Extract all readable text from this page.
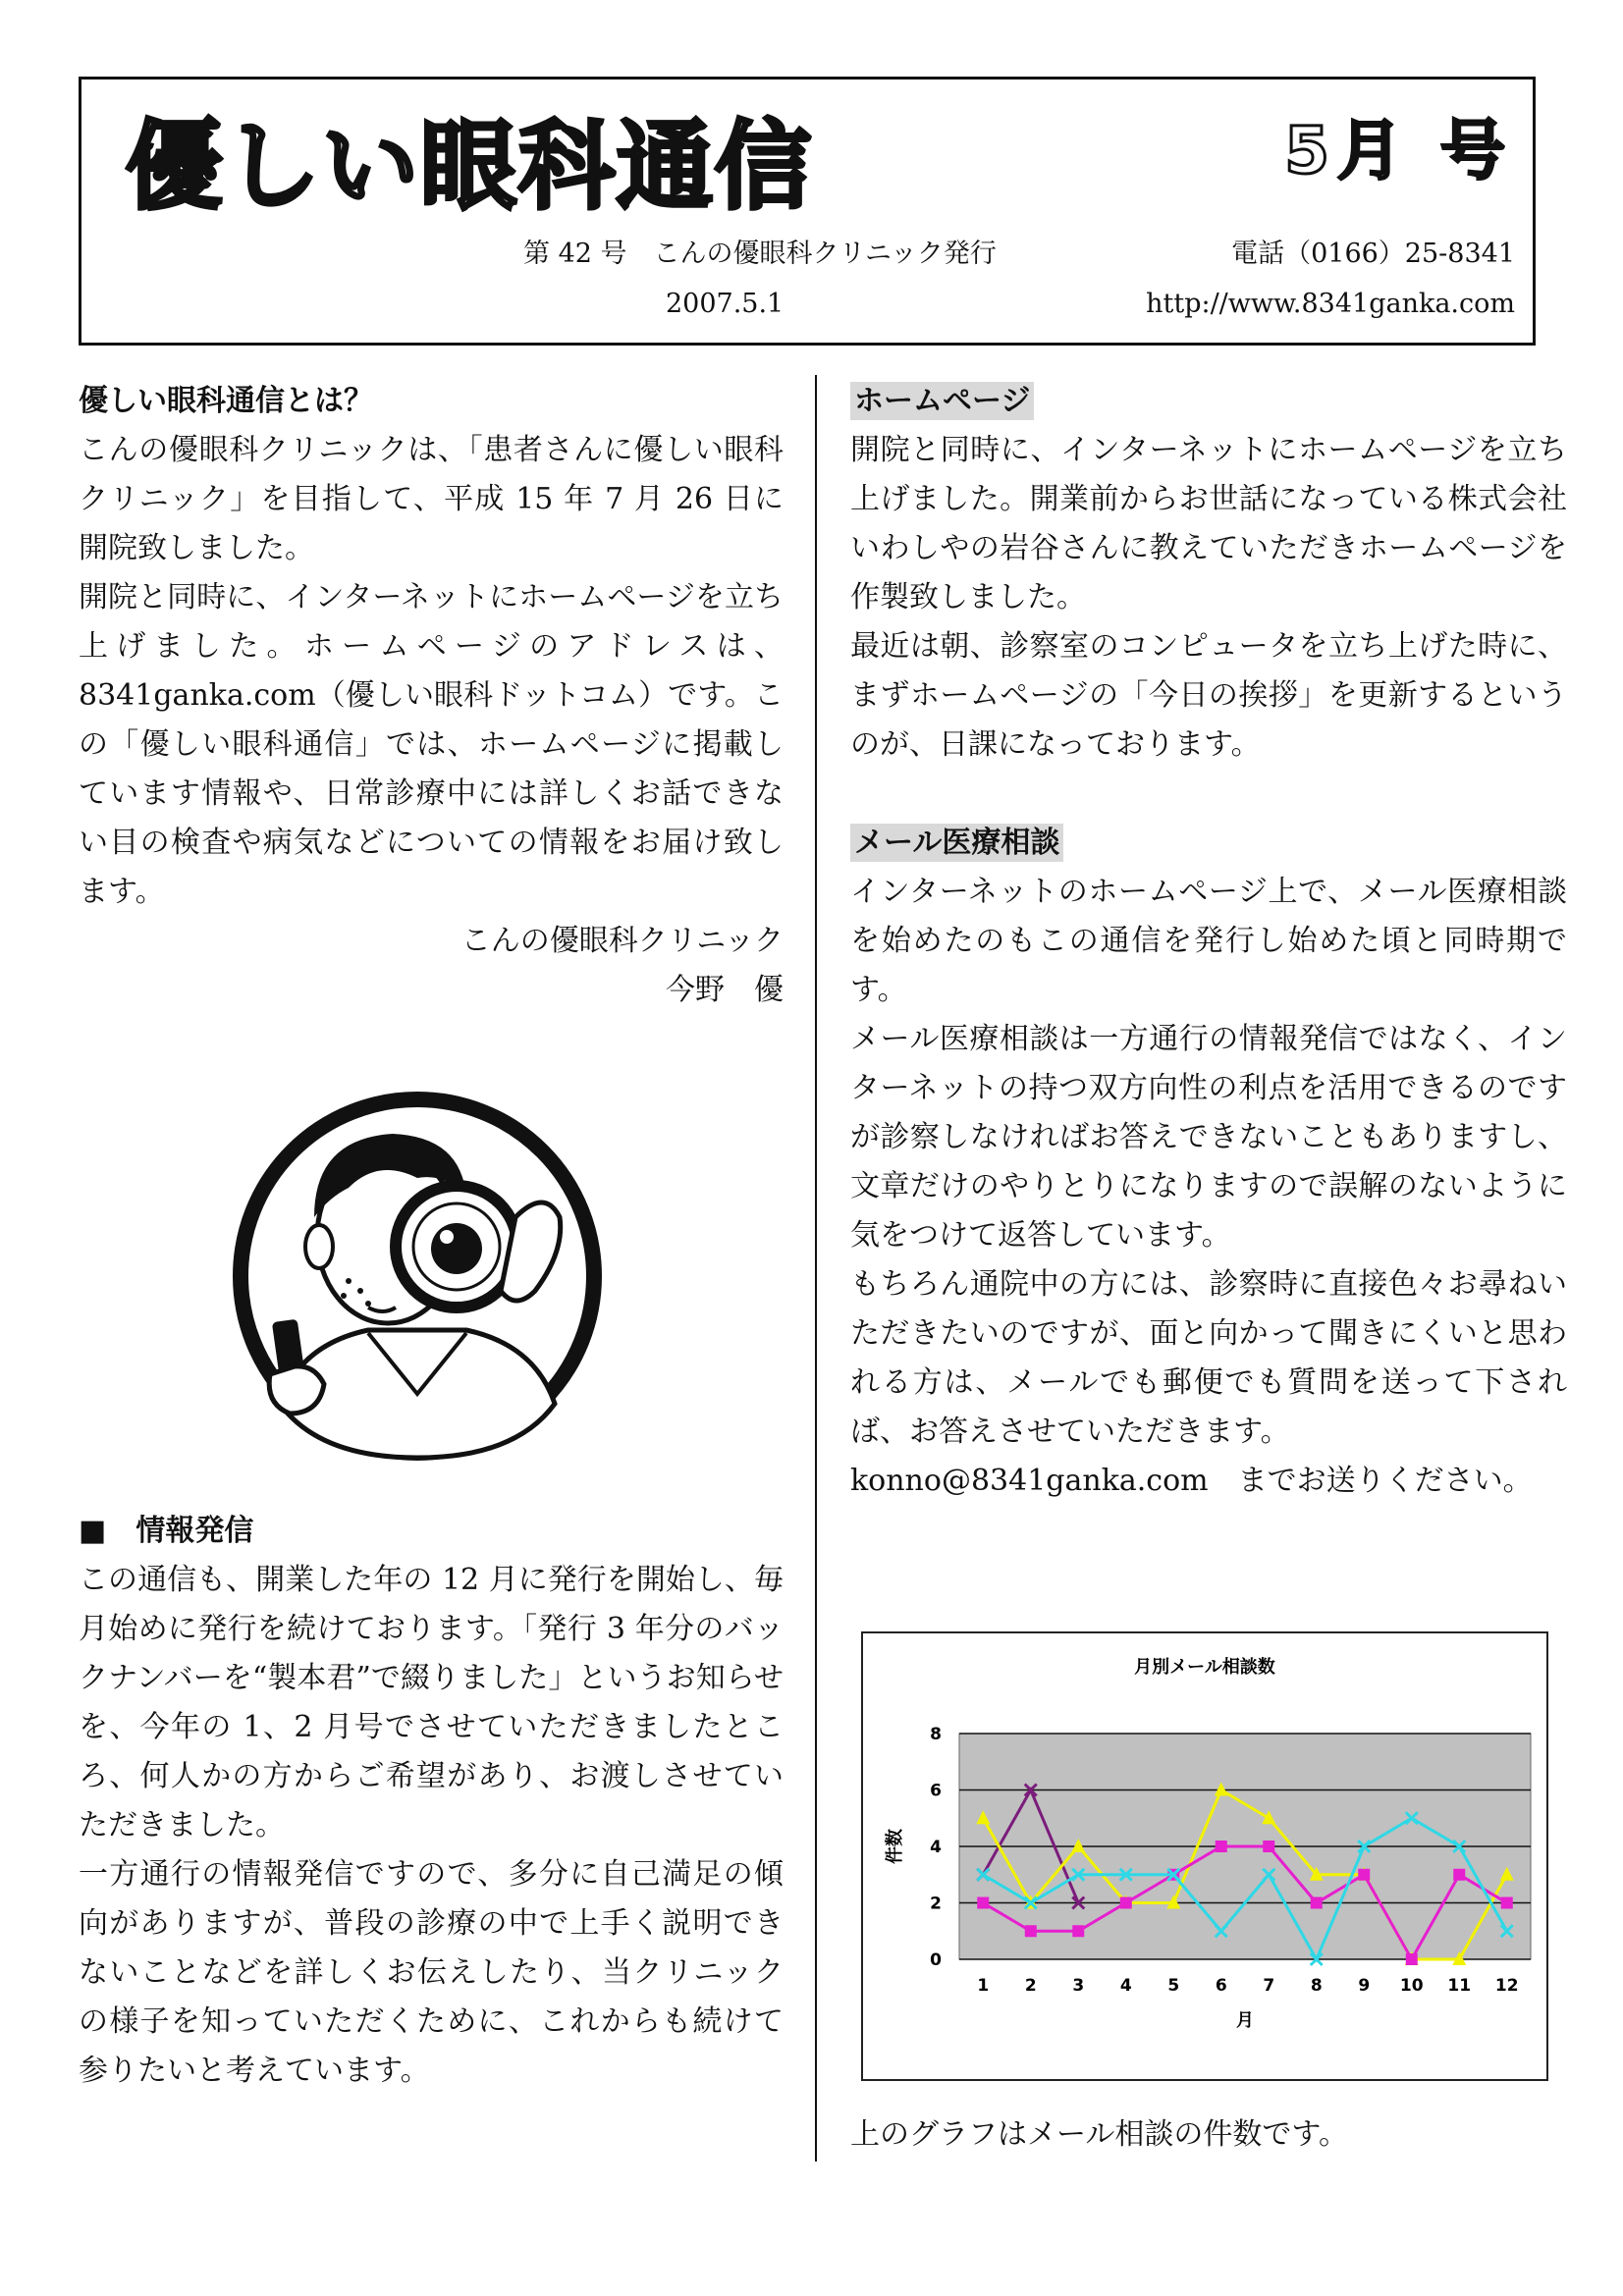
優しい眼科通信	5月 号
第 42 号　こんの優眼科クリニック発行	電話（0166）25-8341
2007.5.1	http://www.8341ganka.com

優しい眼科通信とは？

こんの優眼科クリニックは、「患者さんに優しい眼科クリニック」を目指して、平成 15 年 7 月 26 日に開院致しました。

開院と同時に、インターネットにホームページを立ち上げました。ホームページのアドレスは、8341ganka.com（優しい眼科ドットコム）です。この「優しい眼科通信」では、ホームページに掲載しています情報や、日常診療中には詳しくお話できない目の検査や病気などについての情報をお届け致します。

こんの優眼科クリニック

今野　優

■　情報発信

この通信も、開業した年の 12 月に発行を開始し、毎月始めに発行を続けております。「発行 3 年分のバックナンバーを“製本君”で綴りました」というお知らせを、今年の 1、2 月号でさせていただきましたところ、何人かの方からご希望があり、お渡しさせていただきました。

一方通行の情報発信ですので、多分に自己満足の傾向がありますが、普段の診療の中で上手く説明できないことなどを詳しくお伝えしたり、当クリニックの様子を知っていただくために、これからも続けて参りたいと考えています。

ホームページ

開院と同時に、インターネットにホームページを立ち上げました。開業前からお世話になっている株式会社いわしやの岩谷さんに教えていただきホームページを作製致しました。

最近は朝、診察室のコンピュータを立ち上げた時に、まずホームページの「今日の挨拶」を更新するというのが、日課になっております。

メール医療相談

インターネットのホームページ上で、メール医療相談を始めたのもこの通信を発行し始めた頃と同時期です。

メール医療相談は一方通行の情報発信ではなく、インターネットの持つ双方向性の利点を活用できるのですが診察しなければお答えできないこともありますし、文章だけのやりとりになりますので誤解のないように気をつけて返答しています。

もちろん通院中の方には、診察時に直接色々お尋ねいただきたいのですが、面と向かって聞きにくいと思われる方は、メールでも郵便でも質問を送って下されば、お答えさせていただきます。

konno@8341ganka.com　までお送りください。

月別メール相談数
0
2
4
6
8
1 2 3 4 5 6 7 8 9 10 11 12
月
件数

上のグラフはメール相談の件数です。
